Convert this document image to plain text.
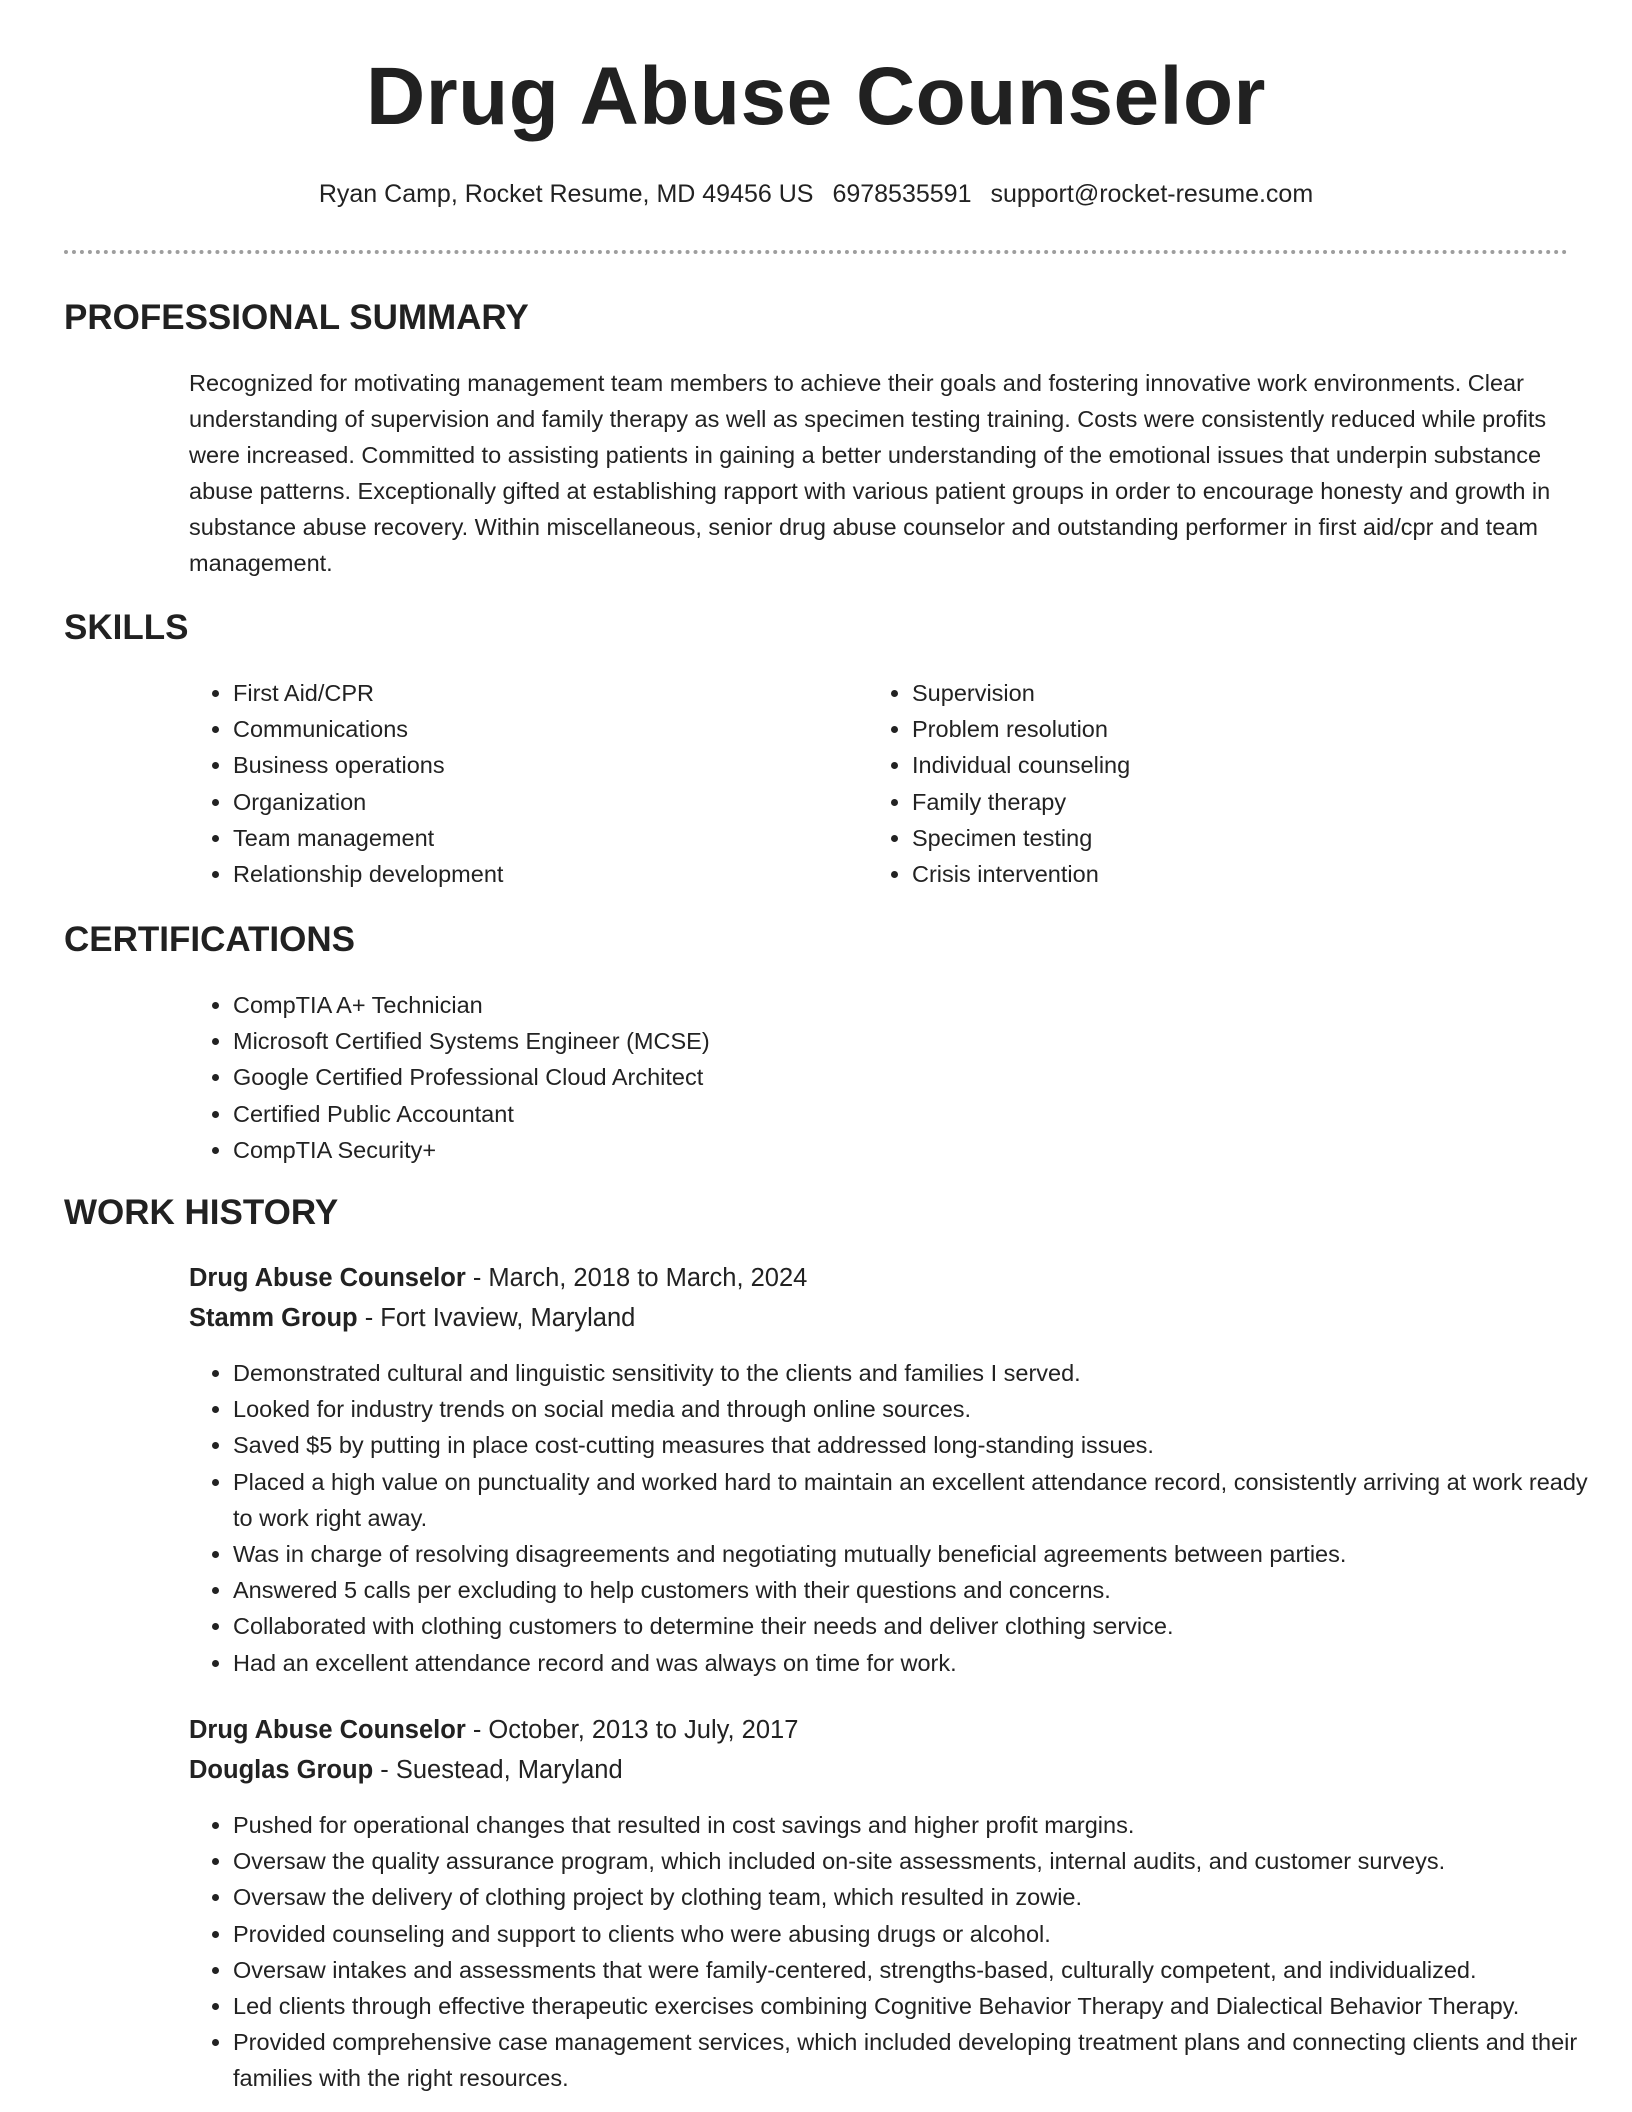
Drug Abuse Counselor
Ryan Camp, Rocket Resume, MD 49456 US 6978535591 support@rocket-resume.com
PROFESSIONAL SUMMARY
Recognized for motivating management team members to achieve their goals and fostering innovative work environments. Clear understanding of supervision and family therapy as well as specimen testing training. Costs were consistently reduced while profits were increased. Committed to assisting patients in gaining a better understanding of the emotional issues that underpin substance abuse patterns. Exceptionally gifted at establishing rapport with various patient groups in order to encourage honesty and growth in substance abuse recovery. Within miscellaneous, senior drug abuse counselor and outstanding performer in first aid/cpr and team management.
SKILLS
• First Aid/CPR
• Communications
• Business operations
• Organization
• Team management
• Relationship development
• Supervision
• Problem resolution
• Individual counseling
• Family therapy
• Specimen testing
• Crisis intervention
CERTIFICATIONS
• CompTIA A+ Technician
• Microsoft Certified Systems Engineer (MCSE)
• Google Certified Professional Cloud Architect
• Certified Public Accountant
• CompTIA Security+
WORK HISTORY
Drug Abuse Counselor - March, 2018 to March, 2024
Stamm Group - Fort Ivaview, Maryland
• Demonstrated cultural and linguistic sensitivity to the clients and families I served.
• Looked for industry trends on social media and through online sources.
• Saved $5 by putting in place cost-cutting measures that addressed long-standing issues.
• Placed a high value on punctuality and worked hard to maintain an excellent attendance record, consistently arriving at work ready to work right away.
• Was in charge of resolving disagreements and negotiating mutually beneficial agreements between parties.
• Answered 5 calls per excluding to help customers with their questions and concerns.
• Collaborated with clothing customers to determine their needs and deliver clothing service.
• Had an excellent attendance record and was always on time for work.
Drug Abuse Counselor - October, 2013 to July, 2017
Douglas Group - Suestead, Maryland
• Pushed for operational changes that resulted in cost savings and higher profit margins.
• Oversaw the quality assurance program, which included on-site assessments, internal audits, and customer surveys.
• Oversaw the delivery of clothing project by clothing team, which resulted in zowie.
• Provided counseling and support to clients who were abusing drugs or alcohol.
• Oversaw intakes and assessments that were family-centered, strengths-based, culturally competent, and individualized.
• Led clients through effective therapeutic exercises combining Cognitive Behavior Therapy and Dialectical Behavior Therapy.
• Provided comprehensive case management services, which included developing treatment plans and connecting clients and their families with the right resources.
